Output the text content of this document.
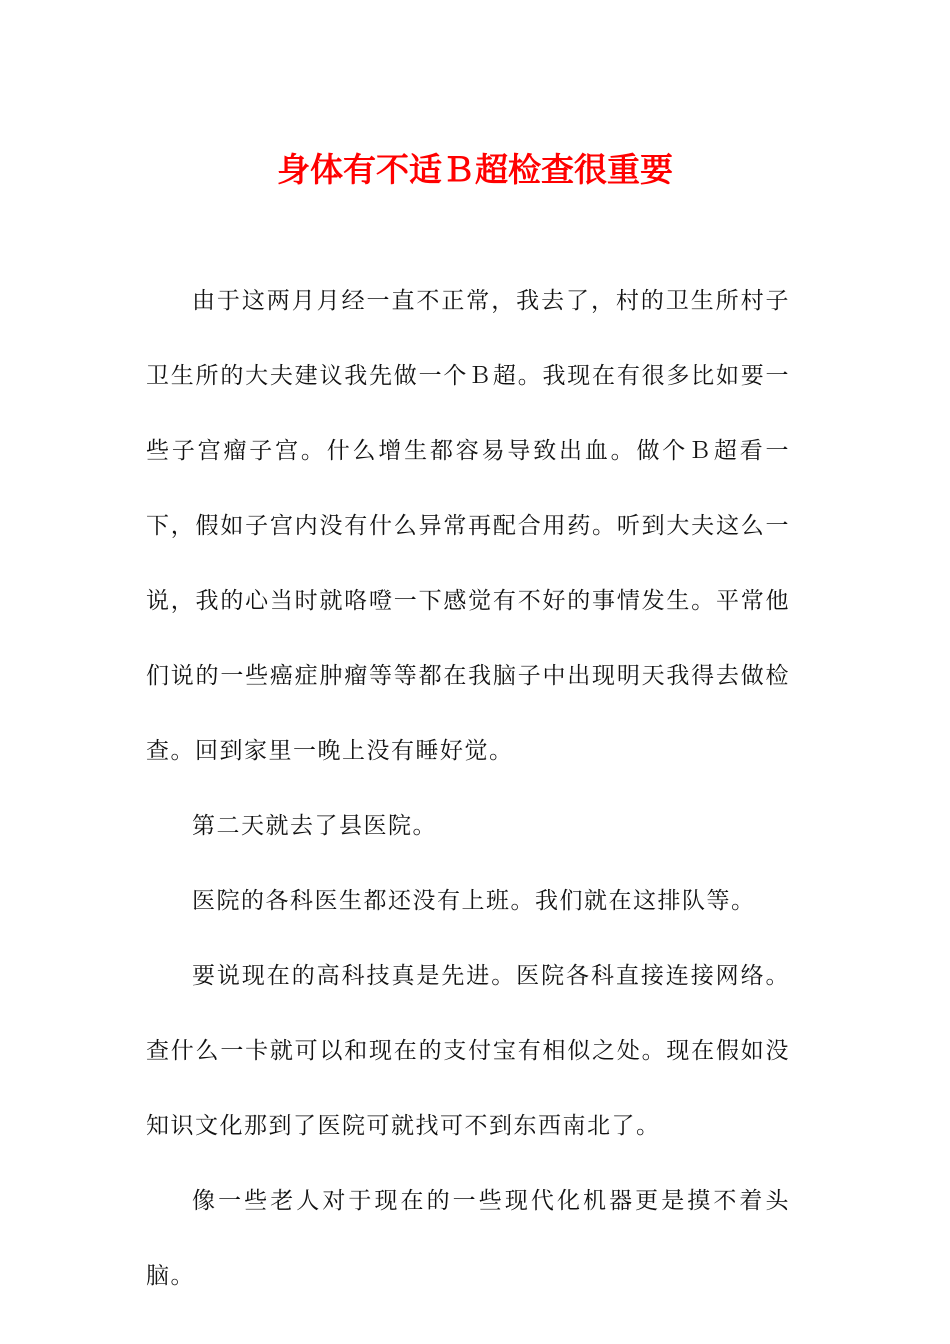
身体有不适Ｂ超检查很重要

由于这两月月经一直不正常，我去了，村的卫生所村子卫生所的大夫建议我先做一个Ｂ超。我现在有很多比如要一些子宫瘤子宫。什么增生都容易导致出血。做个Ｂ超看一下，假如子宫内没有什么异常再配合用药。听到大夫这么一说，我的心当时就咯噔一下感觉有不好的事情发生。平常他们说的一些癌症肿瘤等等都在我脑子中出现明天我得去做检查。回到家里一晚上没有睡好觉。

第二天就去了县医院。

医院的各科医生都还没有上班。我们就在这排队等。

要说现在的高科技真是先进。医院各科直接连接网络。查什么一卡就可以和现在的支付宝有相似之处。现在假如没知识文化那到了医院可就找可不到东西南北了。

像一些老人对于现在的一些现代化机器更是摸不着头脑。
